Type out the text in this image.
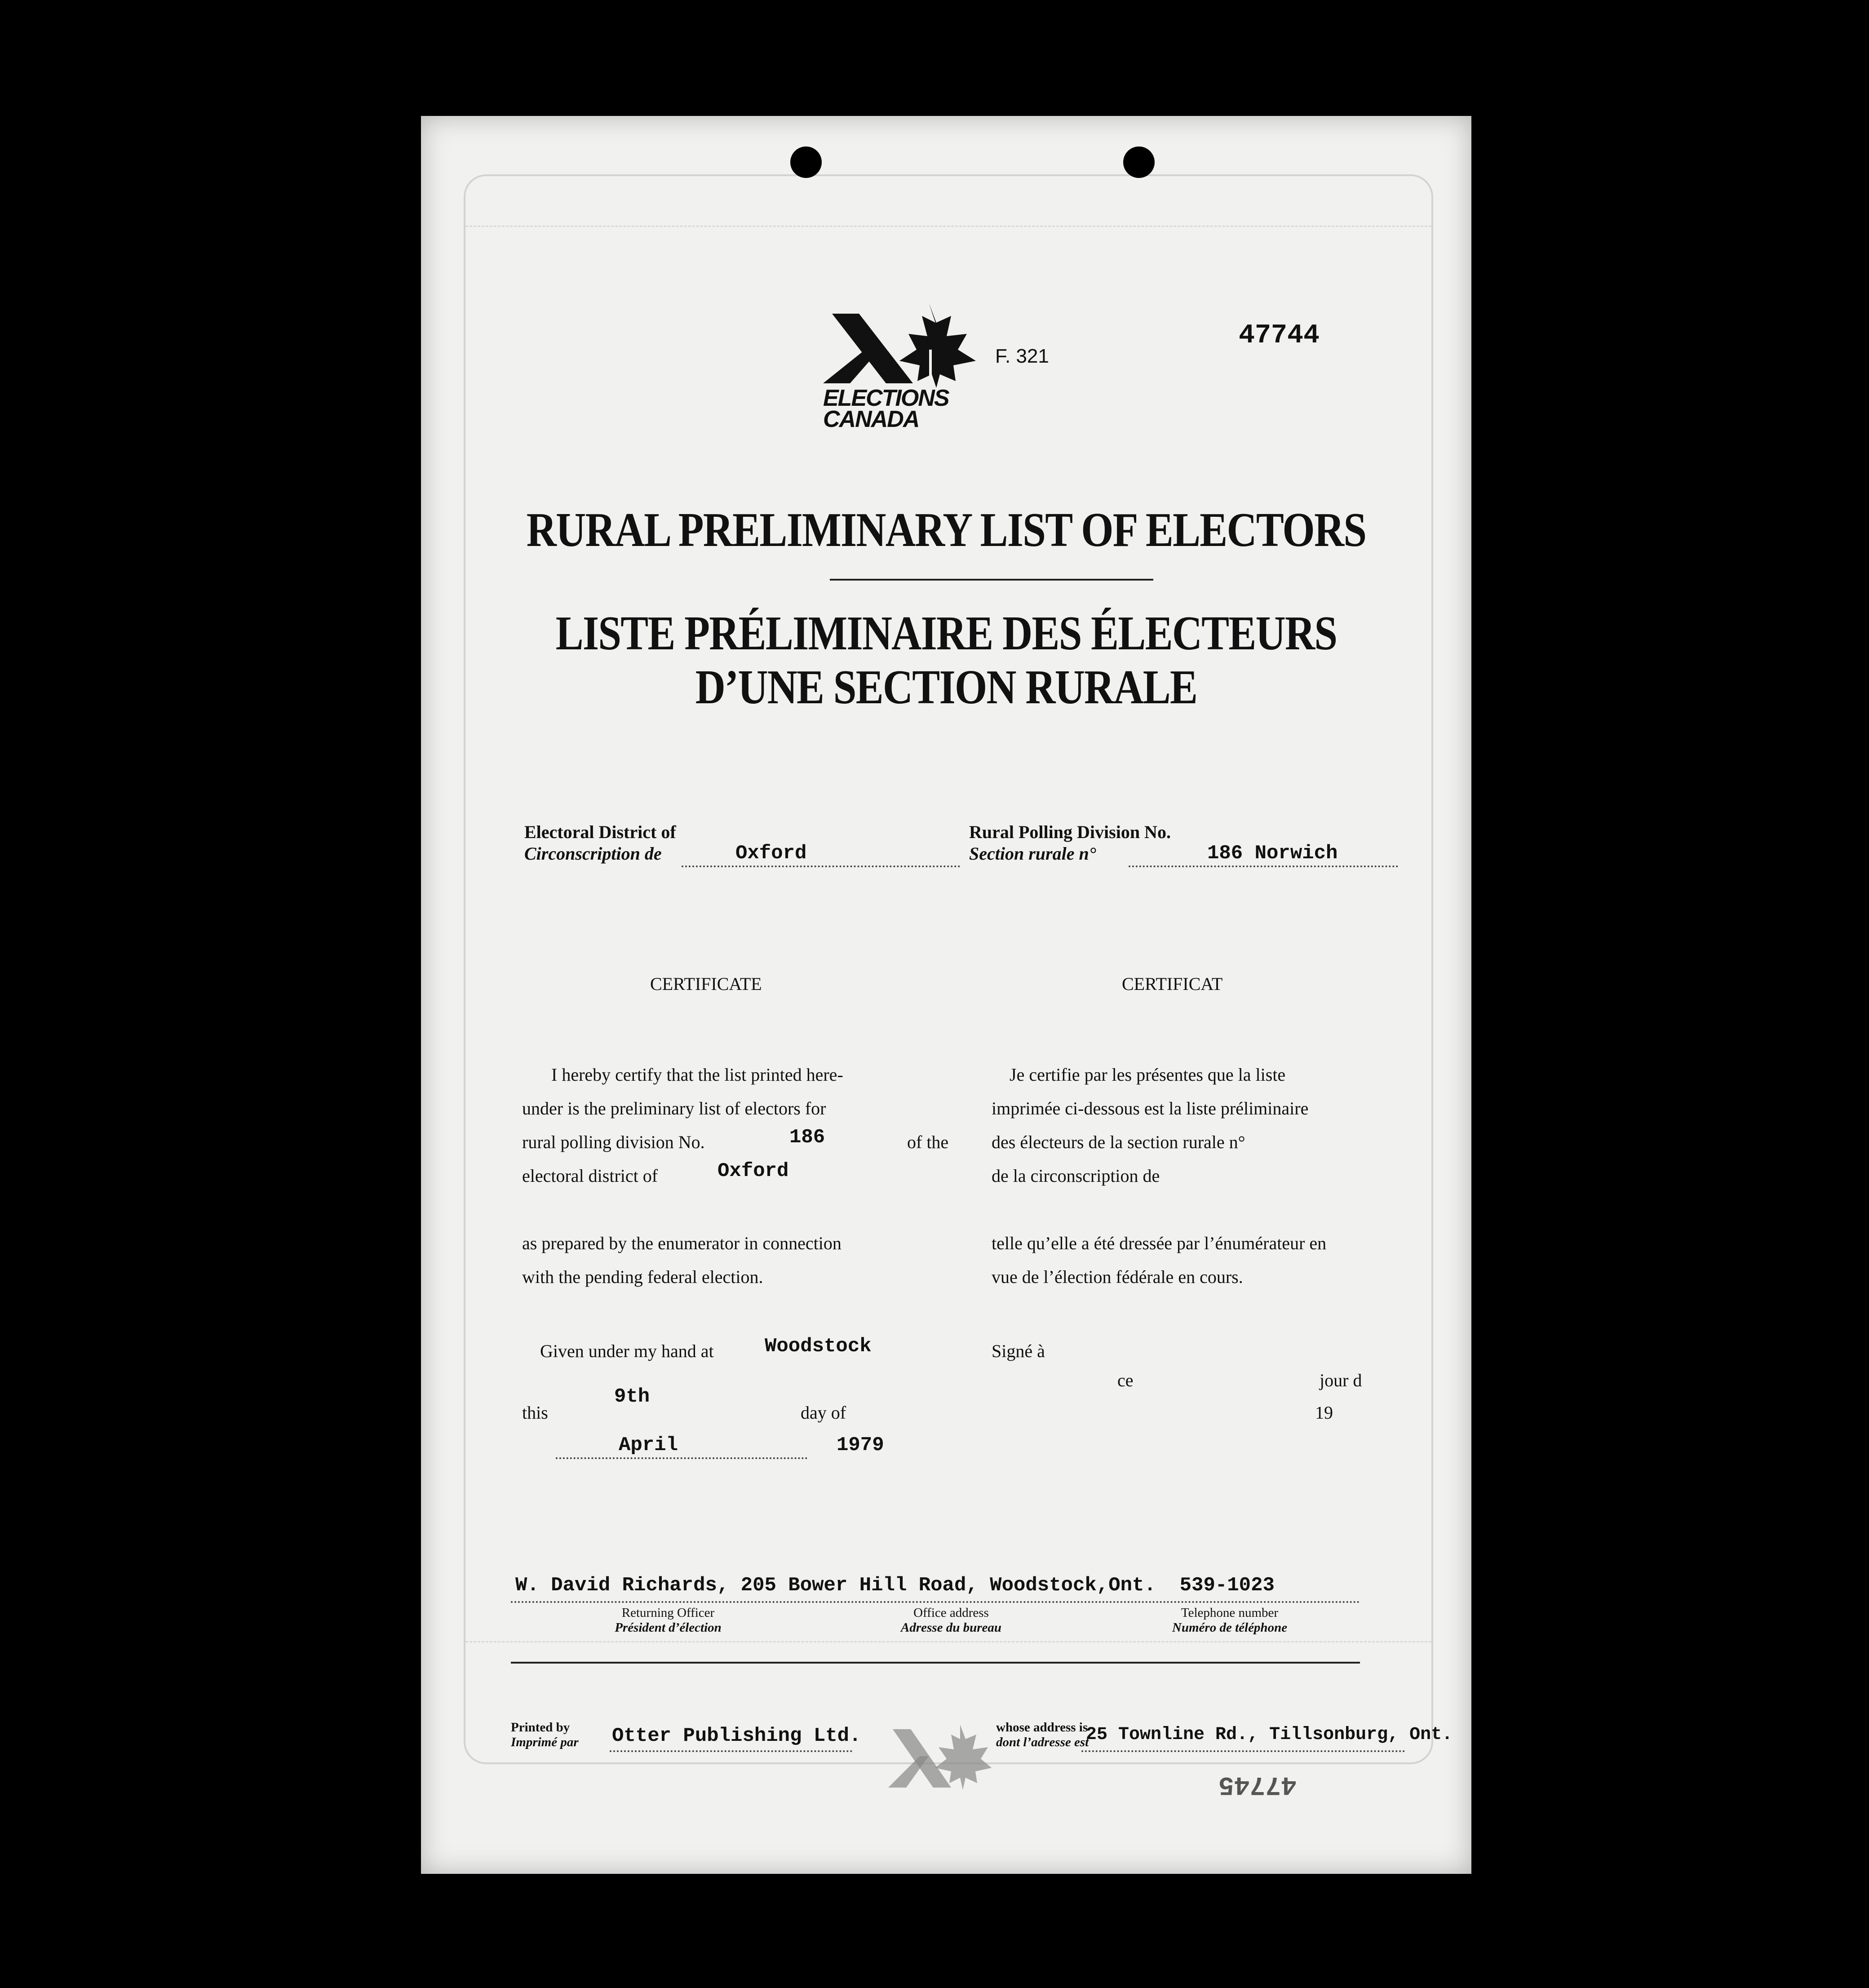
ELECTIONS
CANADA
F. 321
47744
RURAL PRELIMINARY LIST OF ELECTORS
LISTE PRÉLIMINAIRE DES ÉLECTEURS
D’UNE SECTION RURALE
Electoral District of
Circonscription de	Oxford
Rural Polling Division No.
Section rurale n°	186 Norwich
CERTIFICATE
I hereby certify that the list printed here-
under is the preliminary list of electors for
rural polling division No.	186	of the
electoral district of	Oxford
as prepared by the enumerator in connection
with the pending federal election.
Given under my hand at	Woodstock
9th
this	day of
April	1979
CERTIFICAT
Je certifie par les présentes que la liste
imprimée ci-dessous est la liste préliminaire
des électeurs de la section rurale n°
de la circonscription de
telle qu’elle a été dressée par l’énumérateur en
vue de l’élection fédérale en cours.
Signé à
ce	jour d
19
W. David Richards, 205 Bower Hill Road, Woodstock,Ont.  539-1023
Returning Officer
Président d’élection
Office address
Adresse du bureau
Telephone number
Numéro de téléphone
Printed by
Imprimé par Otter Publishing Ltd.	whose address is
dont l’adresse est
25 Townline Rd., Tillsonburg, Ont.
47745
